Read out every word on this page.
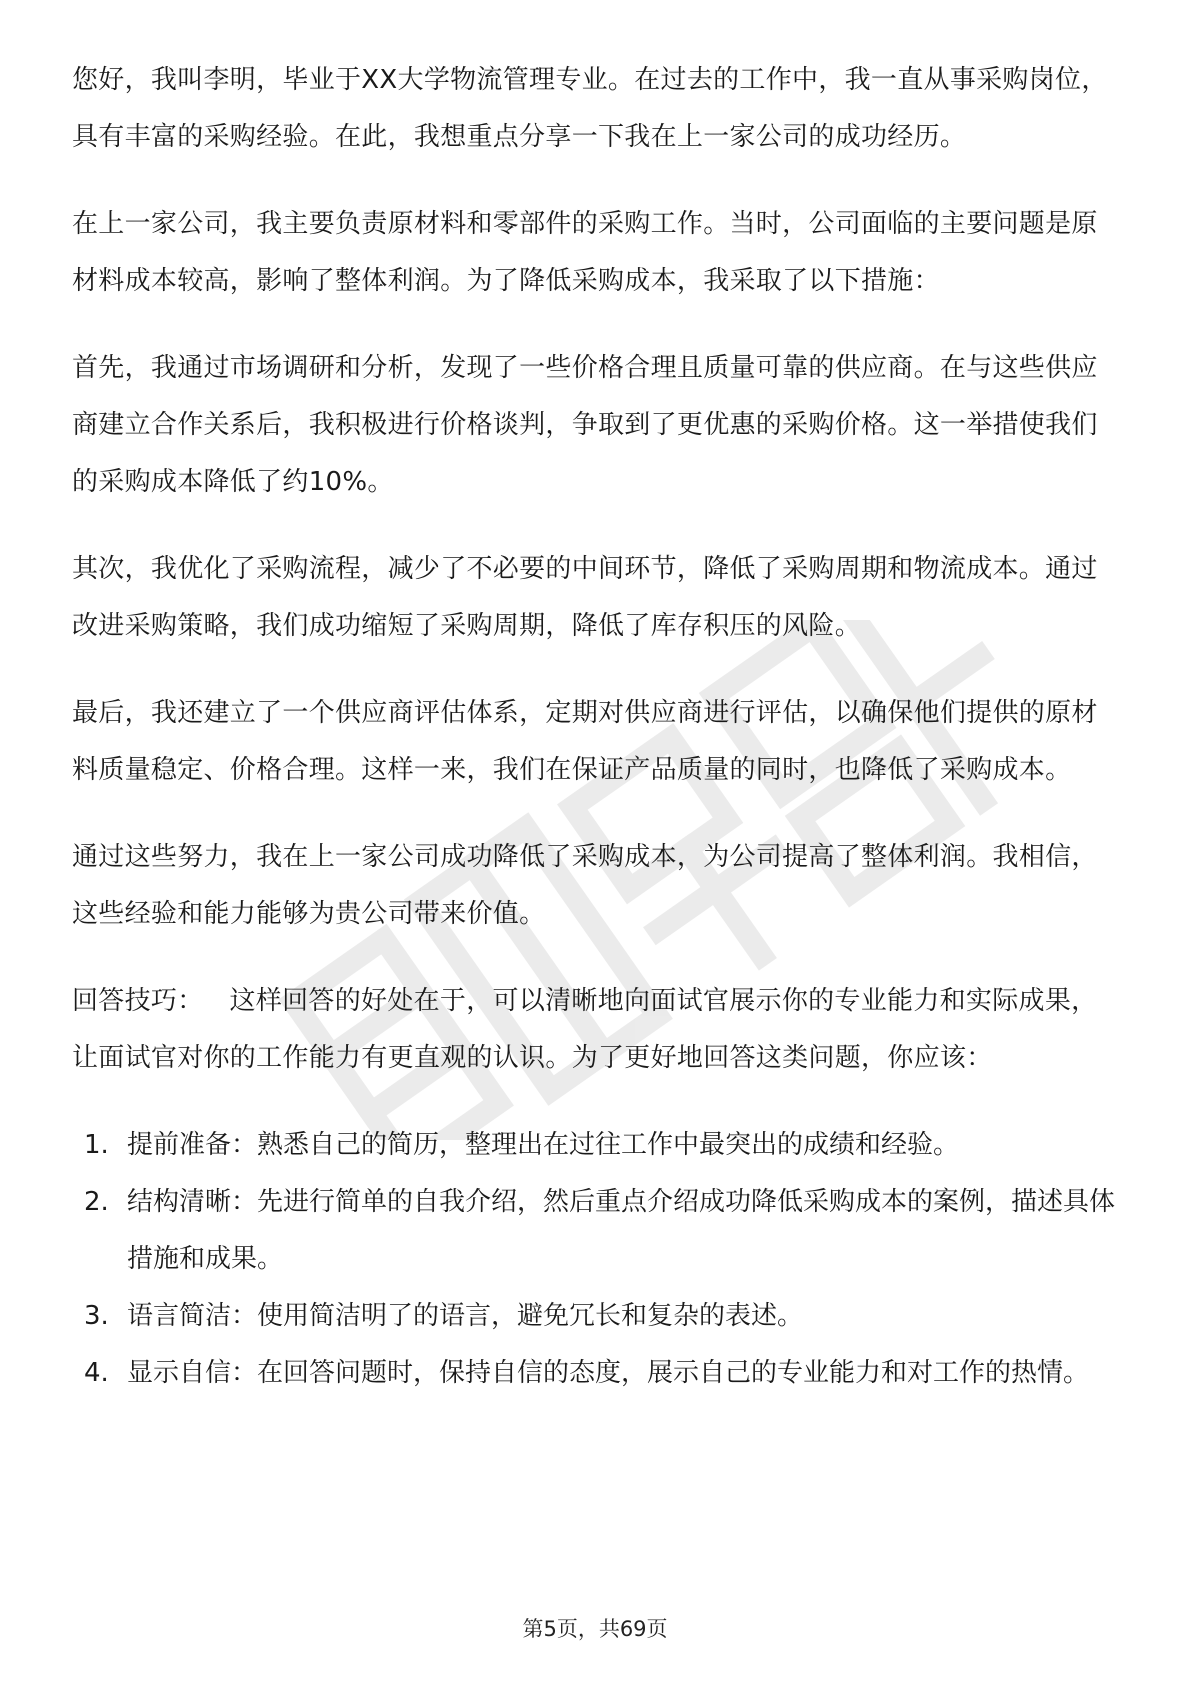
您好，我叫李明，毕业于XX大学物流管理专业。在过去的工作中，我一直从事采购岗位，具有丰富的采购经验。在此，我想重点分享一下我在上一家公司的成功经历。

在上一家公司，我主要负责原材料和零部件的采购工作。当时，公司面临的主要问题是原材料成本较高，影响了整体利润。为了降低采购成本，我采取了以下措施：

首先，我通过市场调研和分析，发现了一些价格合理且质量可靠的供应商。在与这些供应商建立合作关系后，我积极进行价格谈判，争取到了更优惠的采购价格。这一举措使我们的采购成本降低了约10%。

其次，我优化了采购流程，减少了不必要的中间环节，降低了采购周期和物流成本。通过改进采购策略，我们成功缩短了采购周期，降低了库存积压的风险。

最后，我还建立了一个供应商评估体系，定期对供应商进行评估，以确保他们提供的原材料质量稳定、价格合理。这样一来，我们在保证产品质量的同时，也降低了采购成本。

通过这些努力，我在上一家公司成功降低了采购成本，为公司提高了整体利润。我相信，这些经验和能力能够为贵公司带来价值。

回答技巧： 这样回答的好处在于，可以清晰地向面试官展示你的专业能力和实际成果，让面试官对你的工作能力有更直观的认识。为了更好地回答这类问题，你应该：

1. 提前准备：熟悉自己的简历，整理出在过往工作中最突出的成绩和经验。
2. 结构清晰：先进行简单的自我介绍，然后重点介绍成功降低采购成本的案例，描述具体措施和成果。
3. 语言简洁：使用简洁明了的语言，避免冗长和复杂的表述。
4. 显示自信：在回答问题时，保持自信的态度，展示自己的专业能力和对工作的热情。
第5页，共69页
